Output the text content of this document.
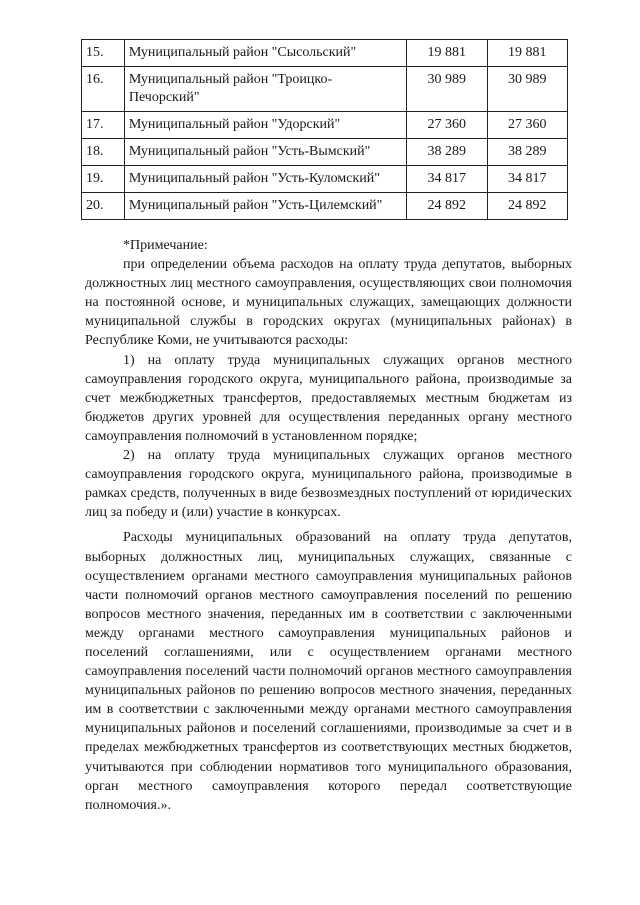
15.	Муниципальный район "Сысольский"	19 881	19 881
16.	Муниципальный район "Троицко-Печорский"	30 989	30 989
17.	Муниципальный район "Удорский"	27 360	27 360
18.	Муниципальный район "Усть-Вымский"	38 289	38 289
19.	Муниципальный район "Усть-Куломский"	34 817	34 817
20.	Муниципальный район "Усть-Цилемский"	24 892	24 892

*Примечание:

при определении объема расходов на оплату труда депутатов, выборных должностных лиц местного самоуправления, осуществляющих свои полномочия на постоянной основе, и муниципальных служащих, замещающих должности муниципальной службы в городских округах (муниципальных районах) в Республике Коми, не учитываются расходы:

1) на оплату труда муниципальных служащих органов местного самоуправления городского округа, муниципального района, производимые за счет межбюджетных трансфертов, предоставляемых местным бюджетам из бюджетов других уровней для осуществления переданных органу местного самоуправления полномочий в установленном порядке;

2) на оплату труда муниципальных служащих органов местного самоуправления городского округа, муниципального района, производимые в рамках средств, полученных в виде безвозмездных поступлений от юридических лиц за победу и (или) участие в конкурсах.

Расходы муниципальных образований на оплату труда депутатов, выборных должностных лиц, муниципальных служащих, связанные с осуществлением органами местного самоуправления муниципальных районов части полномочий органов местного самоуправления поселений по решению вопросов местного значения, переданных им в соответствии с заключенными между органами местного самоуправления муниципальных районов и поселений соглашениями, или с осуществлением органами местного самоуправления поселений части полномочий органов местного самоуправления муниципальных районов по решению вопросов местного значения, переданных им в соответствии с заключенными между органами местного самоуправления муниципальных районов и поселений соглашениями, производимые за счет и в пределах межбюджетных трансфертов из соответствующих местных бюджетов, учитываются при соблюдении нормативов того муниципального образования, орган местного самоуправления которого передал соответствующие полномочия.».
